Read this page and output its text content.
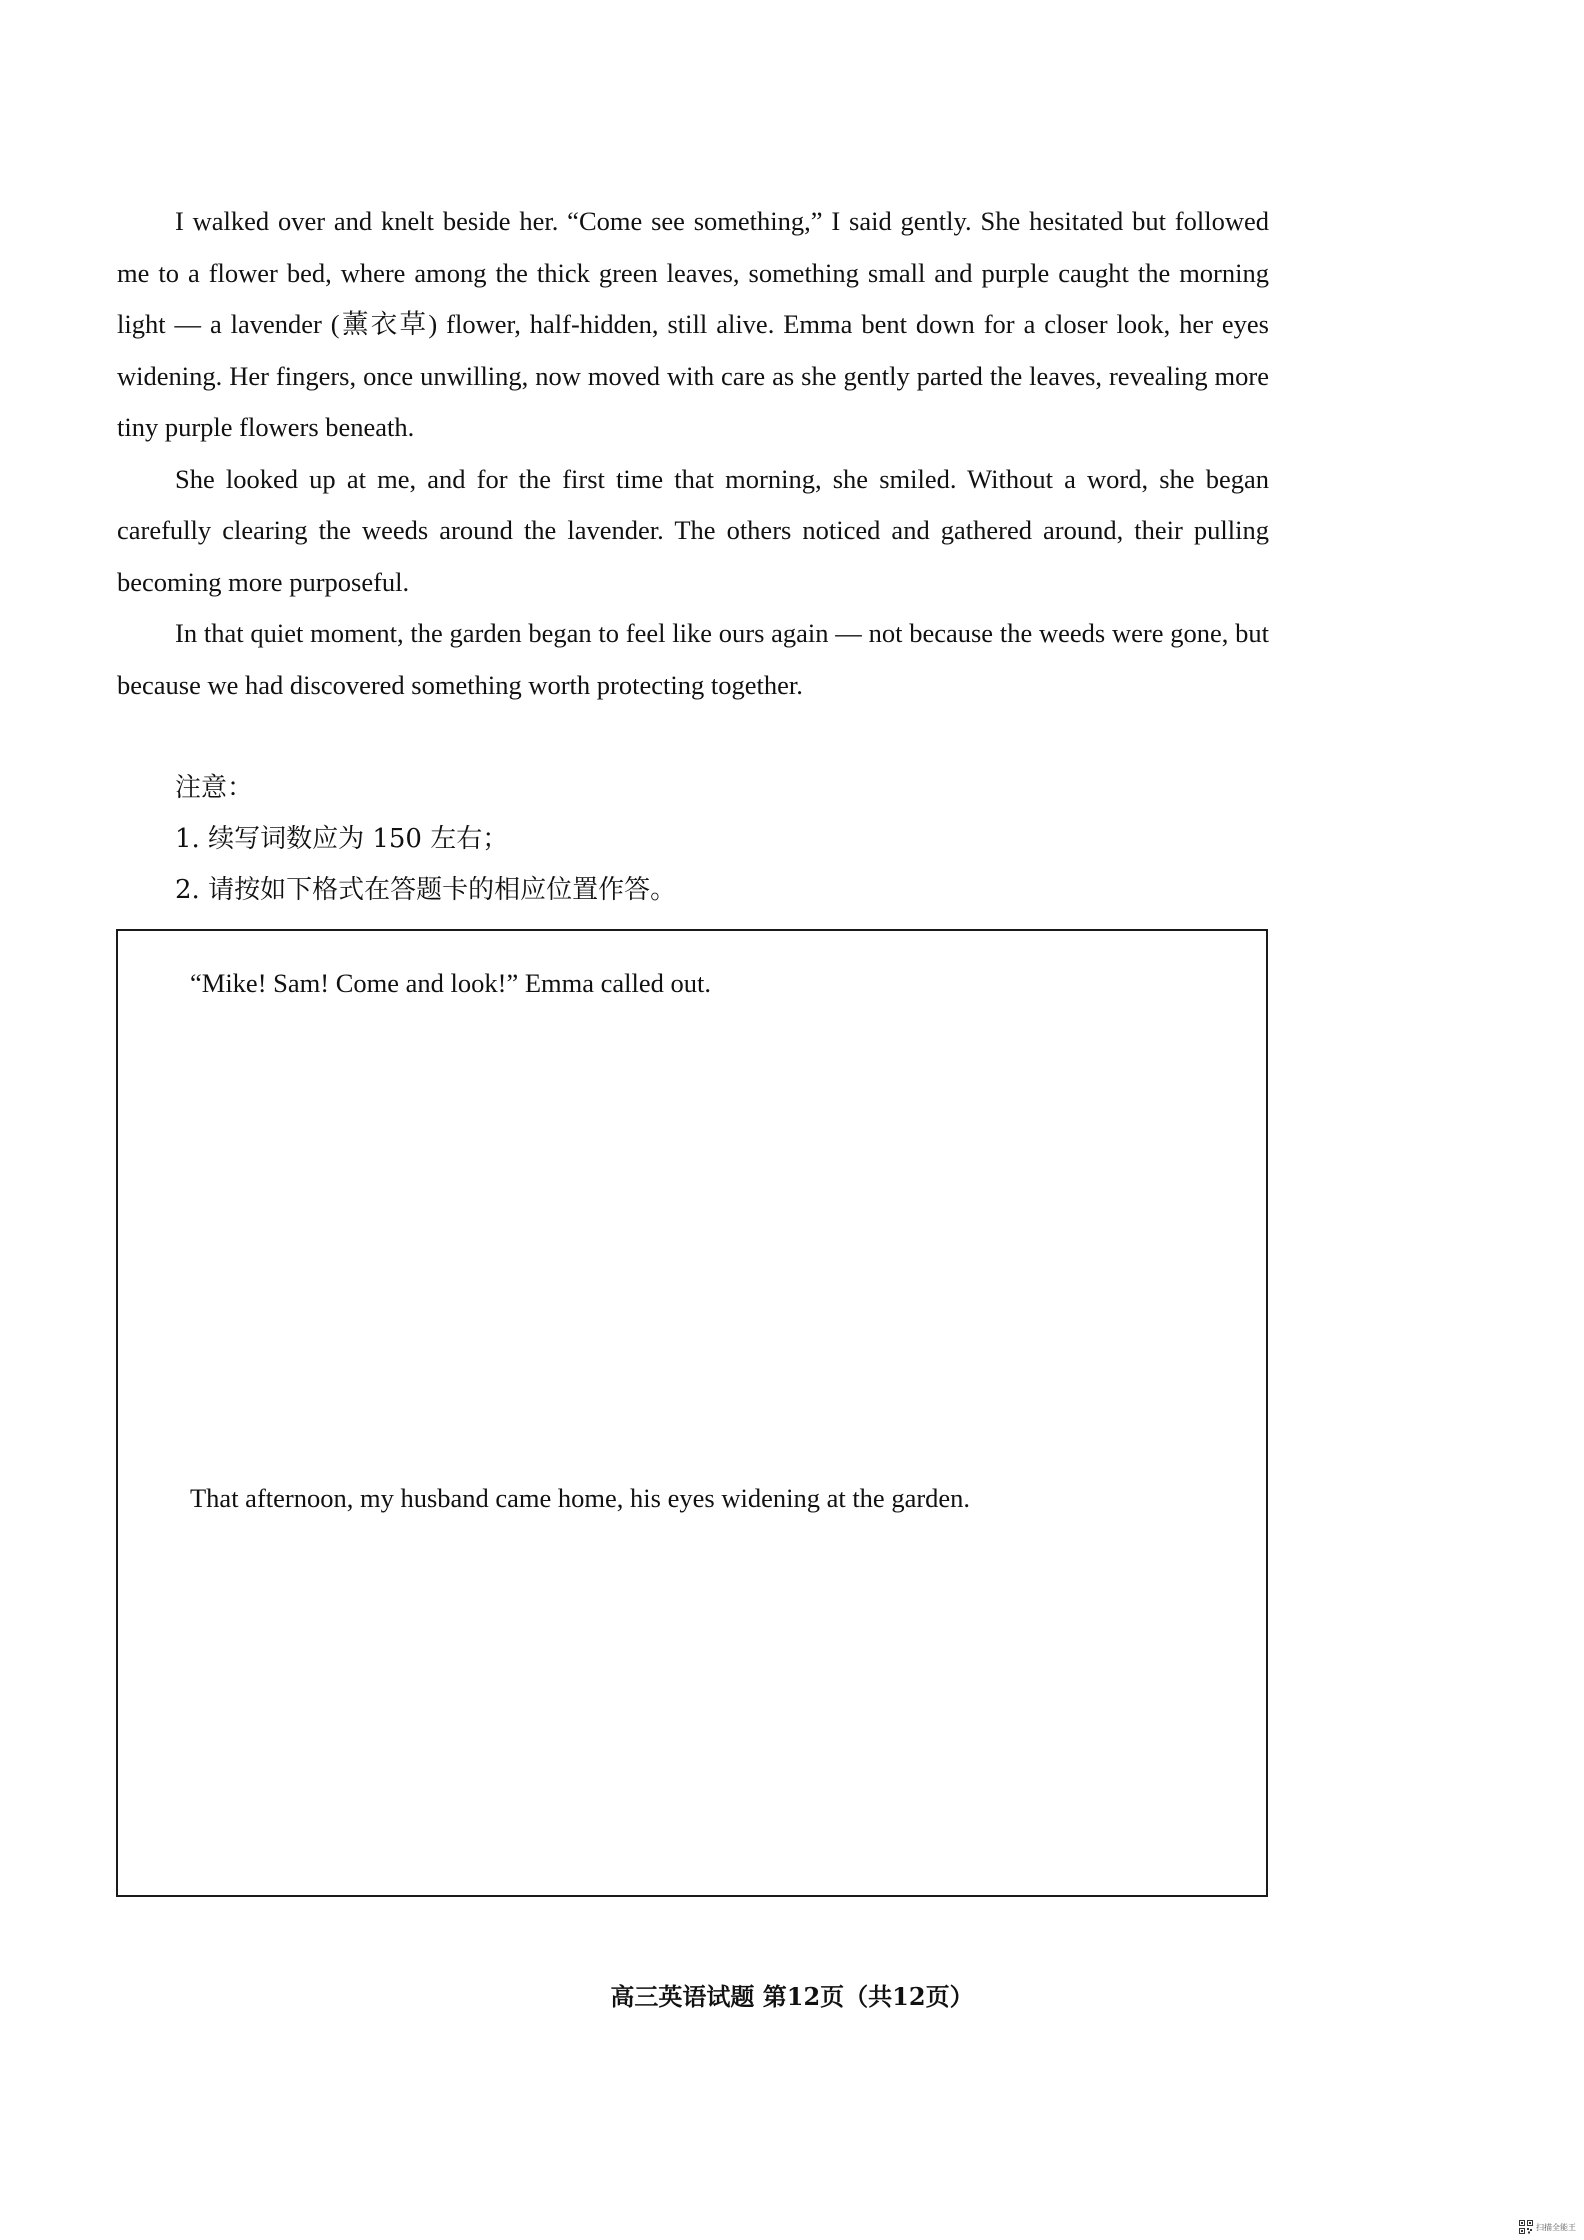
I walked over and knelt beside her. “Come see something,” I said gently. She hesitated but followed me to a flower bed, where among the thick green leaves, something small and purple caught the morning light — a lavender (薰衣草) flower, half-hidden, still alive. Emma bent down for a closer look, her eyes widening. Her fingers, once unwilling, now moved with care as she gently parted the leaves, revealing more tiny purple flowers beneath.

She looked up at me, and for the first time that morning, she smiled. Without a word, she began carefully clearing the weeds around the lavender. The others noticed and gathered around, their pulling becoming more purposeful.

In that quiet moment, the garden began to feel like ours again — not because the weeds were gone, but because we had discovered something worth protecting together.

注意：
1. 续写词数应为 150 左右；
2. 请按如下格式在答题卡的相应位置作答。
“Mike! Sam! Come and look!” Emma called out.
That afternoon, my husband came home, his eyes widening at the garden.
高三英语试题 第12页（共12页）
扫描全能王
